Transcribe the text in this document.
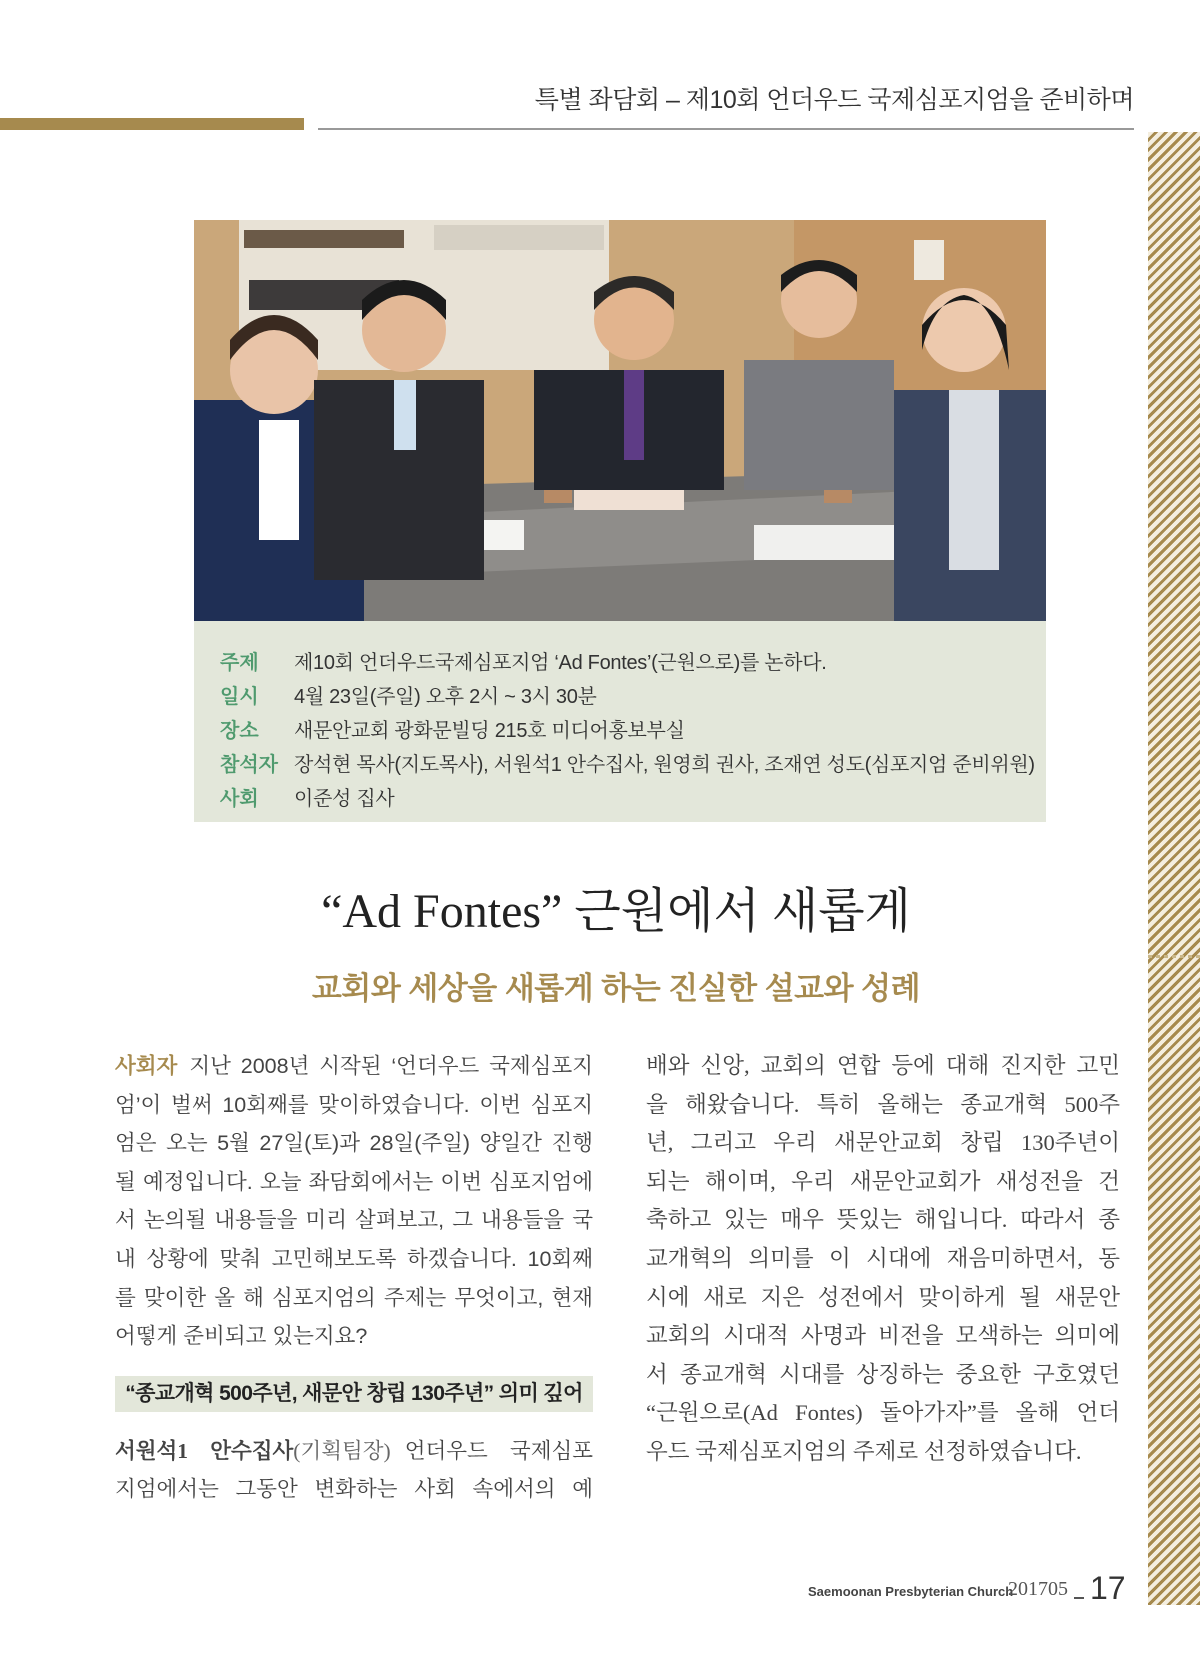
특별 좌담회 – 제10회 언더우드 국제심포지엄을 준비하며
주제	제10회 언더우드국제심포지엄 ‘Ad Fontes’(근원으로)를 논하다.
일시	4월 23일(주일) 오후 2시 ~ 3시 30분
장소	새문안교회 광화문빌딩 215호 미디어홍보부실
참석자 장석현 목사(지도목사), 서원석1 안수집사, 원영희 권사, 조재연 성도(심포지엄 준비위원)
사회	이준성 집사
“Ad Fontes” 근원에서 새롭게
교회와 세상을 새롭게 하는 진실한 설교와 성례
사회자 지난 2008년 시작된 ‘언더우드 국제심포지
엄’이 벌써 10회째를 맞이하였습니다. 이번 심포지
엄은 오는 5월 27일(토)과 28일(주일) 양일간 진행
될 예정입니다. 오늘 좌담회에서는 이번 심포지엄에
서 논의될 내용들을 미리 살펴보고, 그 내용들을 국
내 상황에 맞춰 고민해보도록 하겠습니다. 10회째
를 맞이한 올 해 심포지엄의 주제는 무엇이고, 현재
어떻게 준비되고 있는지요?
“종교개혁 500주년, 새문안 창립 130주년” 의미 깊어
서원석1 안수집사(기획팀장) 언더우드 국제심포
지엄에서는 그동안 변화하는 사회 속에서의 예
배와 신앙, 교회의 연합 등에 대해 진지한 고민
을 해왔습니다. 특히 올해는 종교개혁 500주
년, 그리고 우리 새문안교회 창립 130주년이
되는 해이며, 우리 새문안교회가 새성전을 건
축하고 있는 매우 뜻있는 해입니다. 따라서 종
교개혁의 의미를 이 시대에 재음미하면서, 동
시에 새로 지은 성전에서 맞이하게 될 새문안
교회의 시대적 사명과 비전을 모색하는 의미에
서 종교개혁 시대를 상징하는 중요한 구호였던
“근원으로(Ad Fontes) 돌아가자”를 올해 언더
우드 국제심포지엄의 주제로 선정하였습니다.
Saemoonan Presbyterian Church
201705 17
